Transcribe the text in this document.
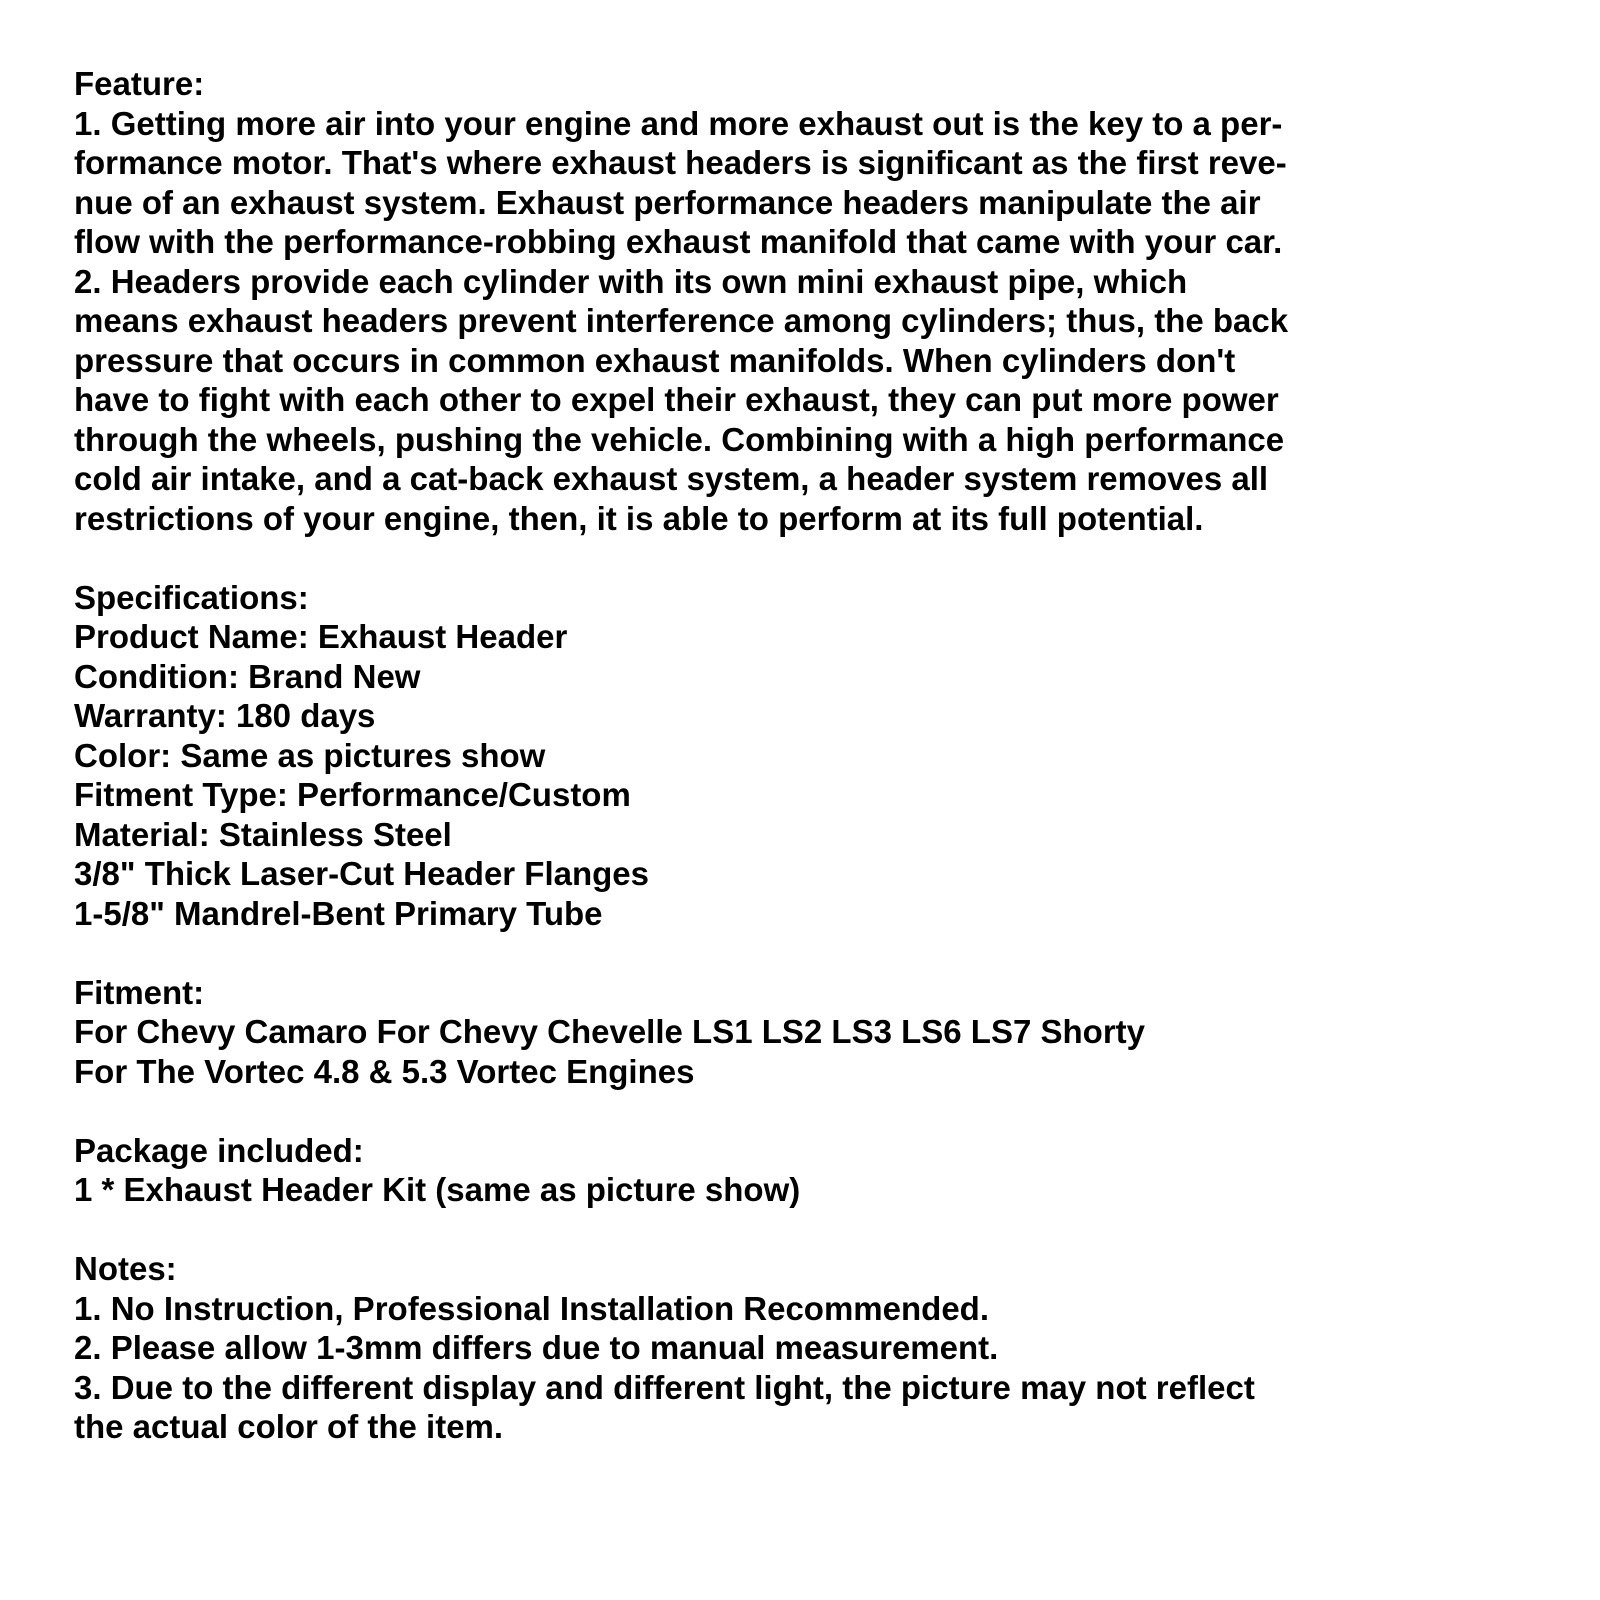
Feature:
1. Getting more air into your engine and more exhaust out is the key to a per-
formance motor. That's where exhaust headers is significant as the first reve-
nue of an exhaust system. Exhaust performance headers manipulate the air
flow with the performance-robbing exhaust manifold that came with your car.
2. Headers provide each cylinder with its own mini exhaust pipe, which
means exhaust headers prevent interference among cylinders; thus, the back
pressure that occurs in common exhaust manifolds. When cylinders don't
have to fight with each other to expel their exhaust, they can put more power
through the wheels, pushing the vehicle. Combining with a high performance
cold air intake, and a cat-back exhaust system, a header system removes all
restrictions of your engine, then, it is able to perform at its full potential.
Specifications:
Product Name: Exhaust Header
Condition: Brand New
Warranty: 180 days
Color: Same as pictures show
Fitment Type: Performance/Custom
Material: Stainless Steel
3/8" Thick Laser-Cut Header Flanges
1-5/8" Mandrel-Bent Primary Tube
Fitment:
For Chevy Camaro For Chevy Chevelle LS1 LS2 LS3 LS6 LS7 Shorty
For The Vortec 4.8 & 5.3 Vortec Engines
Package included:
1 * Exhaust Header Kit (same as picture show)
Notes:
1. No Instruction, Professional Installation Recommended.
2. Please allow 1-3mm differs due to manual measurement.
3. Due to the different display and different light, the picture may not reflect
the actual color of the item.
